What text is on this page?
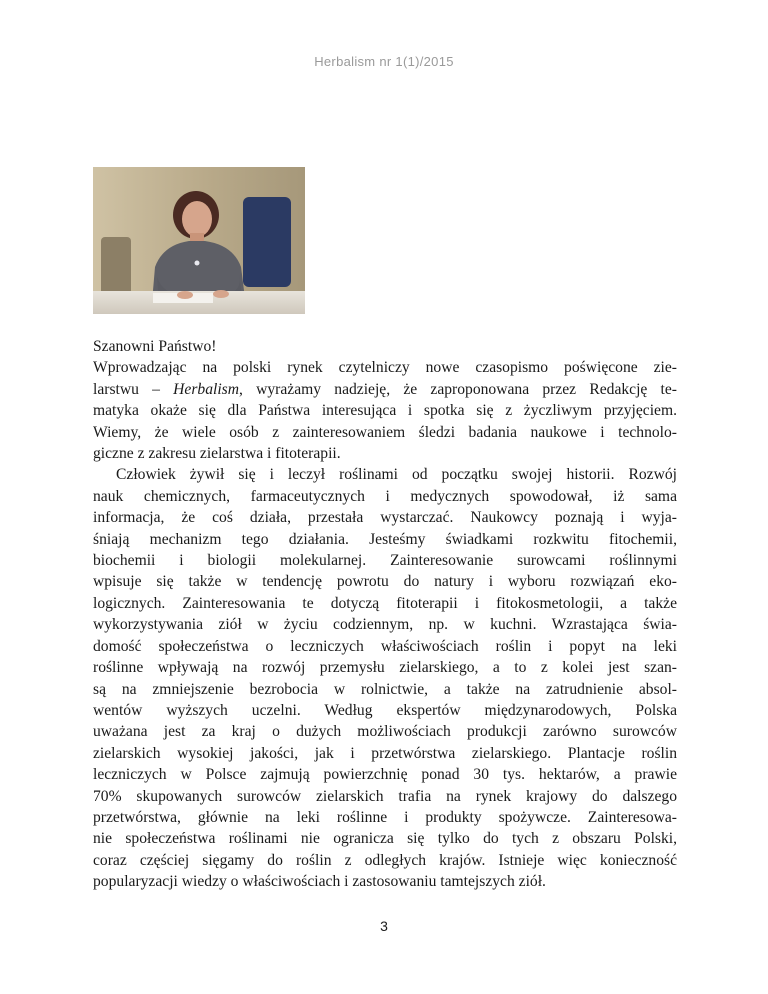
Herbalism nr 1(1)/2015

Szanowni Państwo!

Wprowadzając na polski rynek czytelniczy nowe czasopismo poświęcone zie-
larstwu – Herbalism, wyrażamy nadzieję, że zaproponowana przez Redakcję te-
matyka okaże się dla Państwa interesująca i spotka się z życzliwym przyjęciem.
Wiemy, że wiele osób z zainteresowaniem śledzi badania naukowe i technolo-
giczne z zakresu zielarstwa i fitoterapii.
Człowiek żywił się i leczył roślinami od początku swojej historii. Rozwój
nauk chemicznych, farmaceutycznych i medycznych spowodował, iż sama
informacja, że coś działa, przestała wystarczać. Naukowcy poznają i wyja-
śniają mechanizm tego działania. Jesteśmy świadkami rozkwitu fitochemii,
biochemii i biologii molekularnej. Zainteresowanie surowcami roślinnymi
wpisuje się także w tendencję powrotu do natury i wyboru rozwiązań eko-
logicznych. Zainteresowania te dotyczą fitoterapii i fitokosmetologii, a także
wykorzystywania ziół w życiu codziennym, np. w kuchni. Wzrastająca świa-
domość społeczeństwa o leczniczych właściwościach roślin i popyt na leki
roślinne wpływają na rozwój przemysłu zielarskiego, a to z kolei jest szan-
są na zmniejszenie bezrobocia w rolnictwie, a także na zatrudnienie absol-
wentów wyższych uczelni. Według ekspertów międzynarodowych, Polska
uważana jest za kraj o dużych możliwościach produkcji zarówno surowców
zielarskich wysokiej jakości, jak i przetwórstwa zielarskiego. Plantacje roślin
leczniczych w Polsce zajmują powierzchnię ponad 30 tys. hektarów, a prawie
70% skupowanych surowców zielarskich trafia na rynek krajowy do dalszego
przetwórstwa, głównie na leki roślinne i produkty spożywcze. Zainteresowa-
nie społeczeństwa roślinami nie ogranicza się tylko do tych z obszaru Polski,
coraz częściej sięgamy do roślin z odległych krajów. Istnieje więc konieczność
popularyzacji wiedzy o właściwościach i zastosowaniu tamtejszych ziół.
3
